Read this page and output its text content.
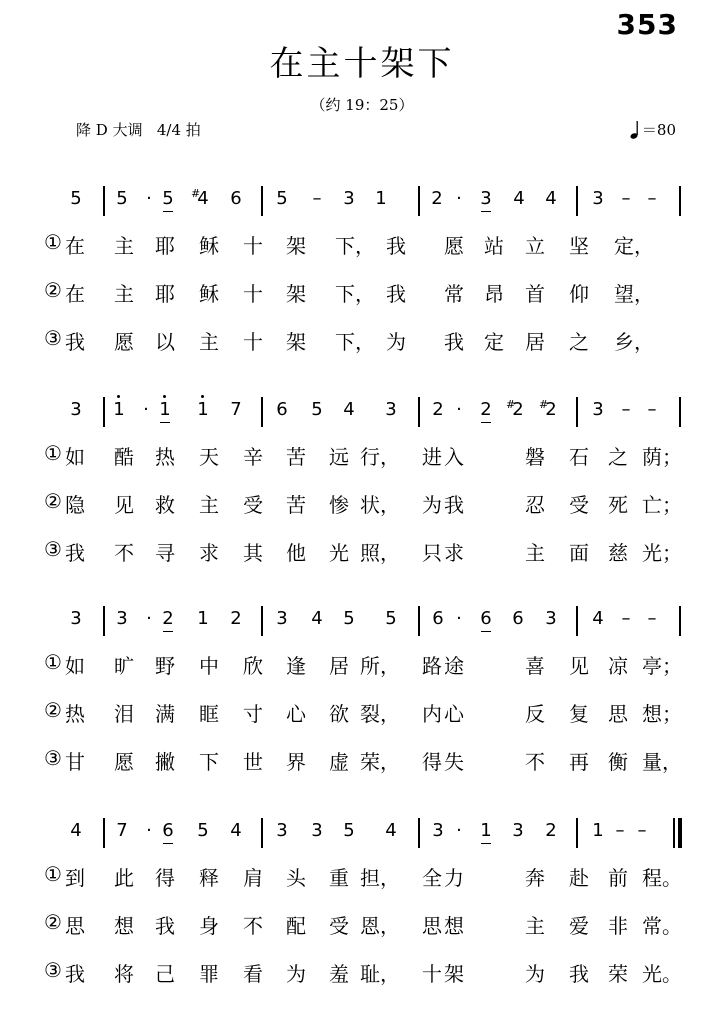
353
在主十架下
（约 19：25）
降 D 大调   4/4 拍	＝80
5	5	· 5	4
#	6	5	–	3	1	2 ·	3	4	4	3 – –
① 在 主 耶 稣 十 架 下， 我 愿 站 立 坚 定，
② 在 主 耶 稣 十 架 下， 我 常 昂 首 仰 望，
③ 我 愿 以 主 十 架 下， 为 我 定 居 之 乡，
3	1	· 1	1	7	6	5	4	3	2 ·	2	2
#	2
#	3 – –
① 如 酷 热 天 辛 苦 远 行， 进 入	磐 石 之 荫；
② 隐 见 救 主 受 苦 惨 状， 为 我	忍 受 死 亡；
③ 我 不 寻 求 其 他 光 照， 只 求	主 面 慈 光；
3	3	· 2	1	2	3	4	5	5	6 ·	6	6	3	4 – –
① 如 旷 野 中 欣 逢 居 所， 路 途	喜 见 凉 亭；
② 热 泪 满 眶 寸 心 欲 裂， 内 心	反 复 思 想；
③ 甘 愿 撇 下 世 界 虚 荣， 得 失	不 再 衡 量，
4	7	· 6	5	4	3	3	5	4	3 ·	1	3	2	1 – –
① 到 此 得 释 肩 头 重 担， 全 力	奔 赴 前 程。
② 思 想 我 身 不 配 受 恩， 思 想	主 爱 非 常。
③ 我 将 己 罪 看 为 羞 耻， 十 架	为 我 荣 光。
